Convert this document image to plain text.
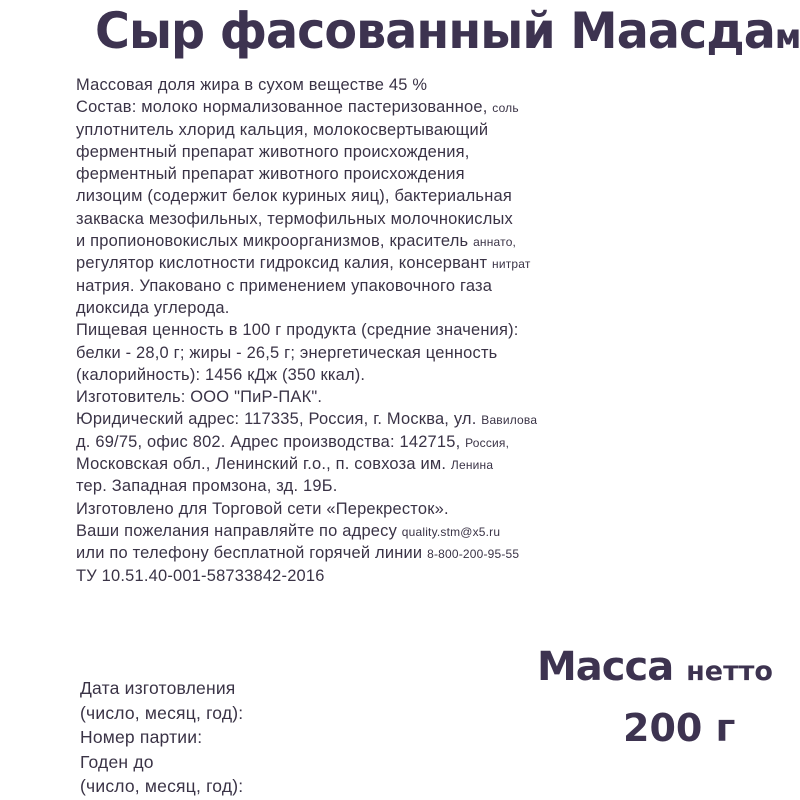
Сыр фасованный Маасдам
Массовая доля жира в сухом веществе 45 %
Состав: молоко нормализованное пастеризованное, соль
уплотнитель хлорид кальция, молокосвертывающий
ферментный препарат животного происхождения,
ферментный препарат животного происхождения
лизоцим (содержит белок куриных яиц), бактериальная
закваска мезофильных, термофильных молочнокислых
и пропионовокислых микроорганизмов, краситель аннато,
регулятор кислотности гидроксид калия, консервант нитрат
натрия. Упаковано с применением упаковочного газа
диоксида углерода.
Пищевая ценность в 100 г продукта (средние значения):
белки - 28,0 г; жиры - 26,5 г; энергетическая ценность
(калорийность): 1456 кДж (350 ккал).
Изготовитель: ООО "ПиР-ПАК".
Юридический адрес: 117335, Россия, г. Москва, ул. Вавилова
д. 69/75, офис 802. Адрес производства: 142715, Россия,
Московская обл., Ленинский г.о., п. совхоза им. Ленина
тер. Западная промзона, зд. 19Б.
Изготовлено для Торговой сети «Перекресток».
Ваши пожелания направляйте по адресу quality.stm@x5.ru
или по телефону бесплатной горячей линии 8-800-200-95-55
ТУ 10.51.40-001-58733842-2016
Масса нетто
200 г
Дата изготовления
(число, месяц, год):
Номер партии:
Годен до
(число, месяц, год):
